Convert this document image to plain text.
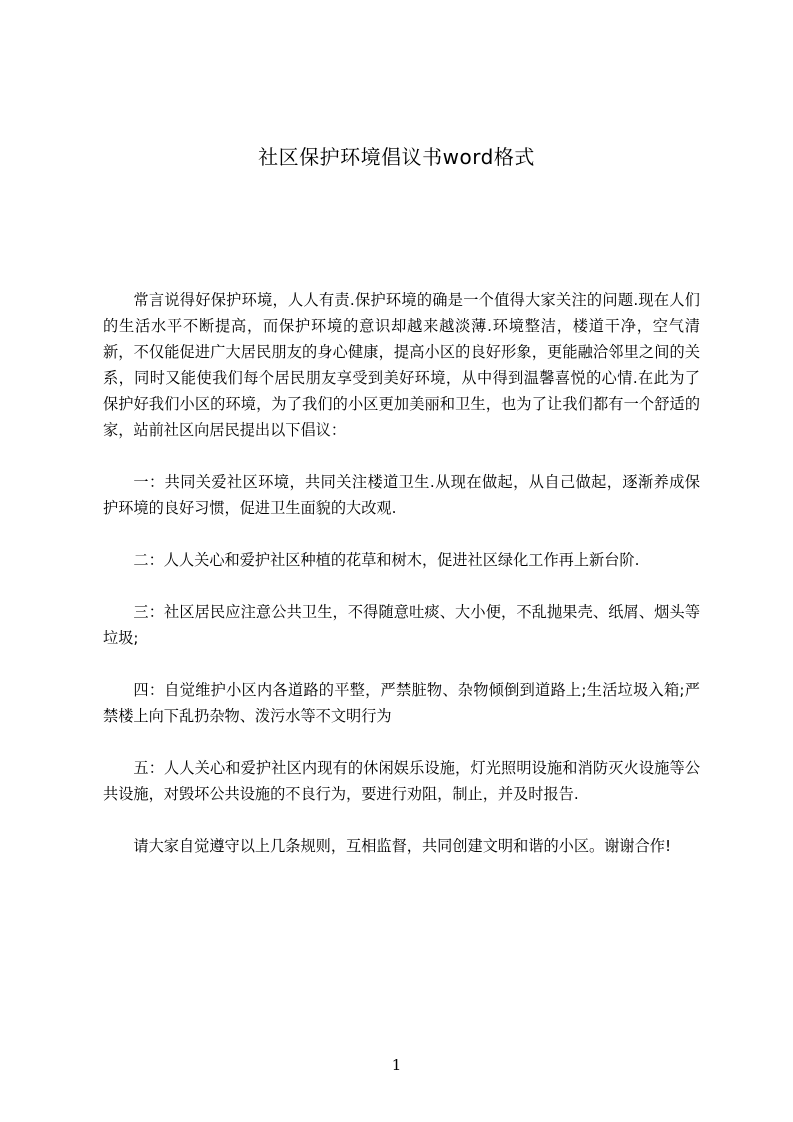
社区保护环境倡议书word格式

常言说得好保护环境，人人有责.保护环境的确是一个值得大家关注的问题.现在人们的生活水平不断提高，而保护环境的意识却越来越淡薄.环境整洁，楼道干净，空气清新，不仅能促进广大居民朋友的身心健康，提高小区的良好形象，更能融洽邻里之间的关系，同时又能使我们每个居民朋友享受到美好环境，从中得到温馨喜悦的心情.在此为了保护好我们小区的环境，为了我们的小区更加美丽和卫生，也为了让我们都有一个舒适的家，站前社区向居民提出以下倡议：

一：共同关爱社区环境，共同关注楼道卫生.从现在做起，从自己做起，逐渐养成保护环境的良好习惯，促进卫生面貌的大改观.

二：人人关心和爱护社区种植的花草和树木，促进社区绿化工作再上新台阶.

三：社区居民应注意公共卫生，不得随意吐痰、大小便，不乱抛果壳、纸屑、烟头等垃圾;

四：自觉维护小区内各道路的平整，严禁脏物、杂物倾倒到道路上;生活垃圾入箱;严禁楼上向下乱扔杂物、泼污水等不文明行为

五：人人关心和爱护社区内现有的休闲娱乐设施，灯光照明设施和消防灭火设施等公共设施，对毁坏公共设施的不良行为，要进行劝阻，制止，并及时报告.

请大家自觉遵守以上几条规则，互相监督，共同创建文明和谐的小区。谢谢合作!

1
